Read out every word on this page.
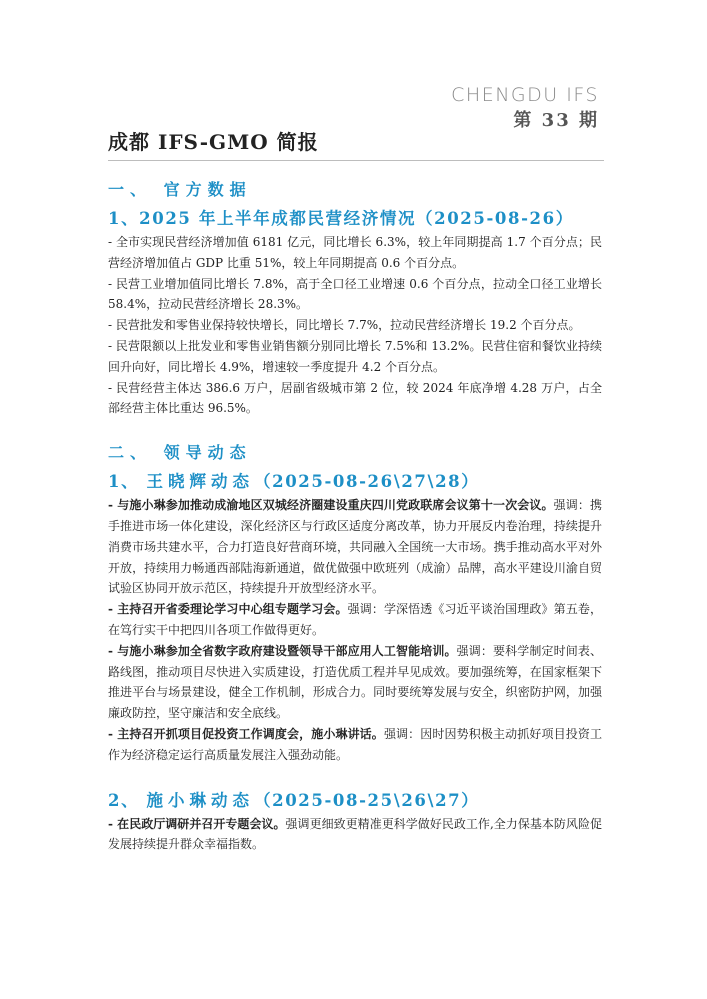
CHENGDU IFS
第 33 期
成都 IFS-GMO 简报
一、 官方数据
1、2025 年上半年成都民营经济情况（2025-08-26）

- 全市实现民营经济增加值 6181 亿元，同比增长 6.3%，较上年同期提高 1.7 个百分点；民营经济增加值占 GDP 比重 51%，较上年同期提高 0.6 个百分点。

- 民营工业增加值同比增长 7.8%，高于全口径工业增速 0.6 个百分点，拉动全口径工业增长 58.4%，拉动民营经济增长 28.3%。

- 民营批发和零售业保持较快增长，同比增长 7.7%，拉动民营经济增长 19.2 个百分点。

- 民营限额以上批发业和零售业销售额分别同比增长 7.5%和 13.2%。民营住宿和餐饮业持续回升向好，同比增长 4.9%，增速较一季度提升 4.2 个百分点。

- 民营经营主体达 386.6 万户，居副省级城市第 2 位，较 2024 年底净增 4.28 万户，占全部经营主体比重达 96.5%。

二、 领导动态
1、 王晓辉动态（2025-08-26\27\28）

- 与施小琳参加推动成渝地区双城经济圈建设重庆四川党政联席会议第十一次会议。强调：携手推进市场一体化建设，深化经济区与行政区适度分离改革，协力开展反内卷治理，持续提升消费市场共建水平，合力打造良好营商环境，共同融入全国统一大市场。携手推动高水平对外开放，持续用力畅通西部陆海新通道，做优做强中欧班列（成渝）品牌，高水平建设川渝自贸试验区协同开放示范区，持续提升开放型经济水平。

- 主持召开省委理论学习中心组专题学习会。强调：学深悟透《习近平谈治国理政》第五卷，在笃行实干中把四川各项工作做得更好。

- 与施小琳参加全省数字政府建设暨领导干部应用人工智能培训。强调：要科学制定时间表、路线图，推动项目尽快进入实质建设，打造优质工程并早见成效。要加强统筹，在国家框架下推进平台与场景建设，健全工作机制，形成合力。同时要统筹发展与安全，织密防护网，加强廉政防控，坚守廉洁和安全底线。

- 主持召开抓项目促投资工作调度会，施小琳讲话。强调：因时因势积极主动抓好项目投资工作为经济稳定运行高质量发展注入强劲动能。

2、 施小琳动态（2025-08-25\26\27）

- 在民政厅调研并召开专题会议。强调更细致更精准更科学做好民政工作,全力保基本防风险促发展持续提升群众幸福指数。
